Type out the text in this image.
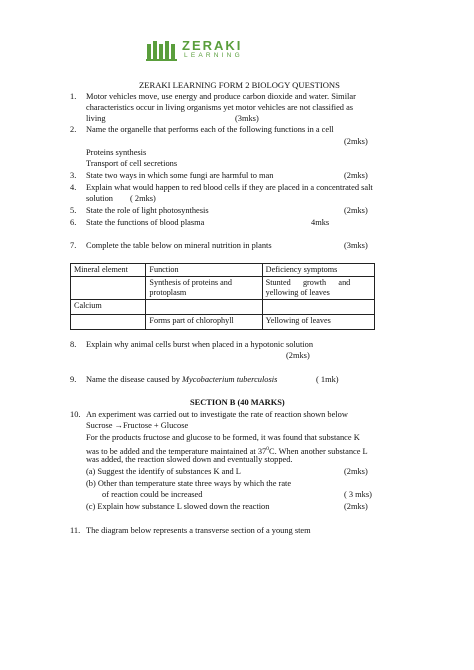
ZERAKI
LEARNING
ZERAKI LEARNING FORM 2 BIOLOGY QUESTIONS
1. Motor vehicles move, use energy and produce carbon dioxide and water. Similar
characteristics occur in living organisms yet motor vehicles are not classified as
living	(3mks)
2. Name the organelle that performs each of the following functions in a cell
(2mks)
Proteins synthesis
Transport of cell secretions
3. State two ways in which some fungi are harmful to man	(2mks)
4. Explain what would happen to red blood cells if they are placed in a concentrated salt
solution ( 2mks)
5. State the role of light photosynthesis	(2mks)
6. State the functions of blood plasma	4mks
7. Complete the table below on mineral nutrition in plants	(3mks)
Mineral element	Function	Deficiency symptoms
	Synthesis of proteins and protoplasm	Stunted      growth      and yellowing of leaves
Calcium		
	Forms part of chlorophyll	Yellowing of leaves
8. Explain why animal cells burst when placed in a hypotonic solution
(2mks)
9. Name the disease caused by Mycobacterium tuberculosis	( 1mk)
SECTION B (40 MARKS)
10. An experiment was carried out to investigate the rate of reaction shown below
Sucrose →Fructose + Glucose
For the products fructose and glucose to be formed, it was found that substance K
was to be added and the temperature maintained at $37^0C$. When another substance L
was added, the reaction slowed down and eventually stopped.
(a) Suggest the identify of substances K and L	(2mks)
(b) Other than temperature state three ways by which the rate
of reaction could be increased	( 3 mks)
(c) Explain how substance L slowed down the reaction	(2mks)
11. The diagram below represents a transverse section of a young stem
